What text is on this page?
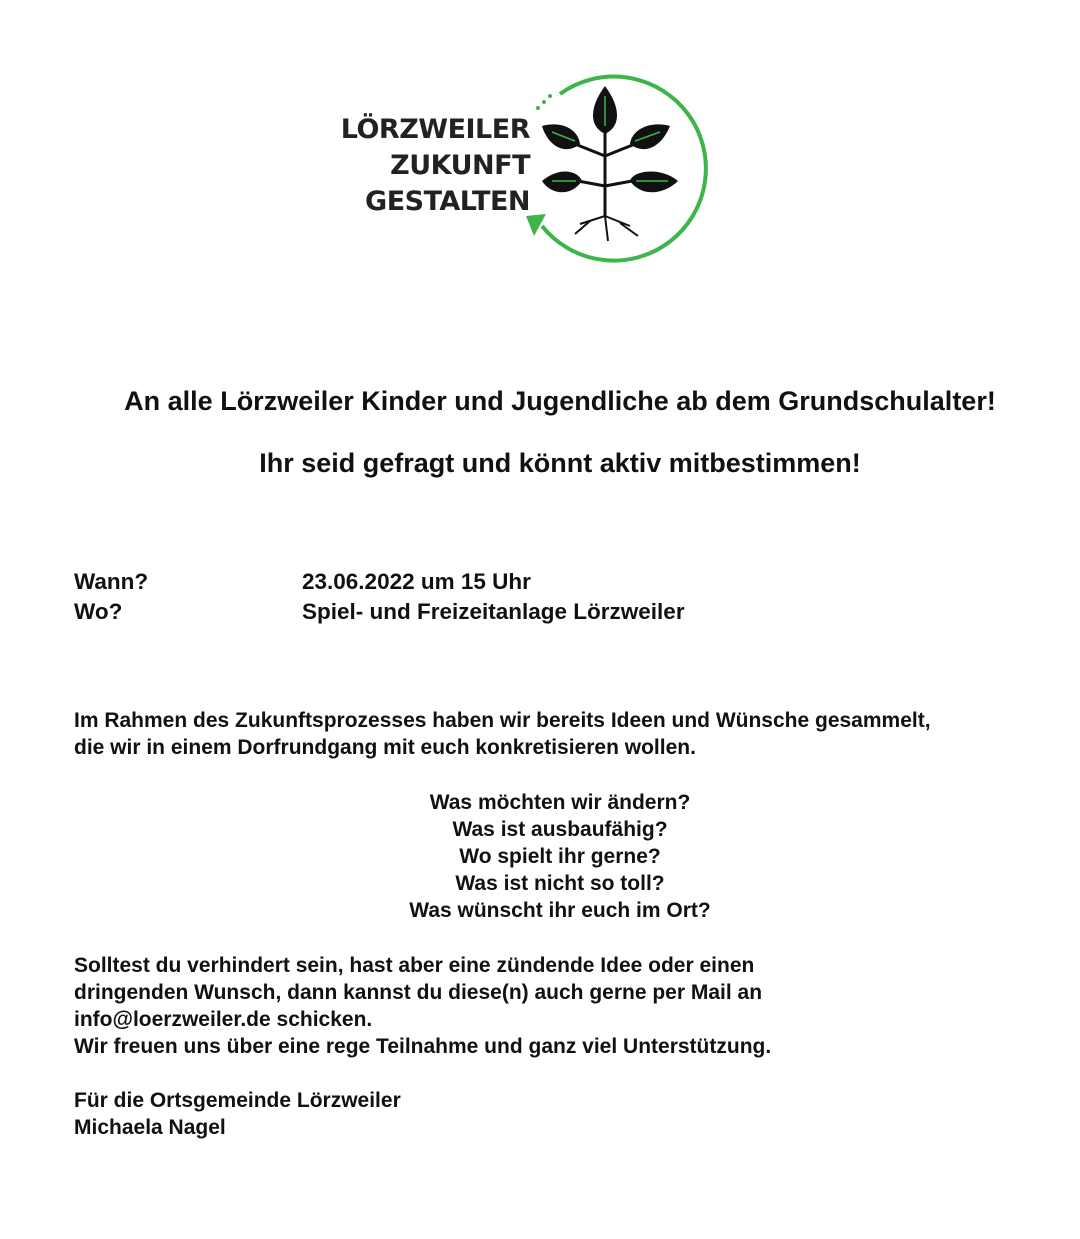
LÖRZWEILER
ZUKUNFT
GESTALTEN
An alle Lörzweiler Kinder und Jugendliche ab dem Grundschulalter!
Ihr seid gefragt und könnt aktiv mitbestimmen!
Wann?	23.06.2022 um 15 Uhr
Wo?	Spiel- und Freizeitanlage Lörzweiler
Im Rahmen des Zukunftsprozesses haben wir bereits Ideen und Wünsche gesammelt,
die wir in einem Dorfrundgang mit euch konkretisieren wollen.
Was möchten wir ändern?
Was ist ausbaufähig?
Wo spielt ihr gerne?
Was ist nicht so toll?
Was wünscht ihr euch im Ort?
Solltest du verhindert sein, hast aber eine zündende Idee oder einen
dringenden Wunsch, dann kannst du diese(n) auch gerne per Mail an
info@loerzweiler.de schicken.
Wir freuen uns über eine rege Teilnahme und ganz viel Unterstützung.
Für die Ortsgemeinde Lörzweiler
Michaela Nagel
